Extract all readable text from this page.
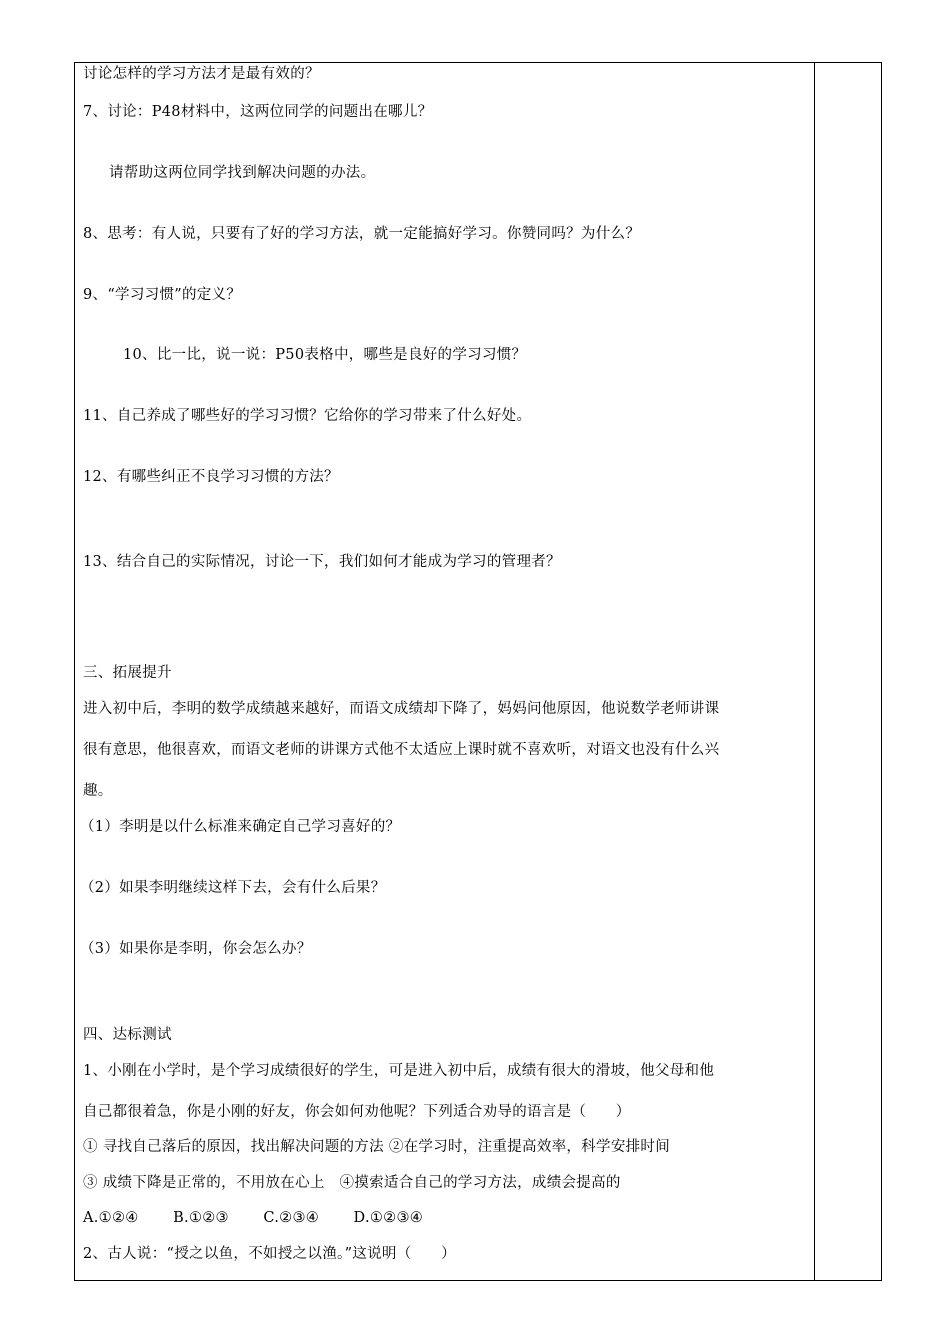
讨论怎样的学习方法才是最有效的？
7、讨论：P48材料中，这两位同学的问题出在哪儿？
请帮助这两位同学找到解决问题的办法。
8、思考：有人说，只要有了好的学习方法，就一定能搞好学习。你赞同吗？为什么？
9、“学习习惯”的定义？
10、比一比，说一说：P50表格中，哪些是良好的学习习惯？
11、自己养成了哪些好的学习习惯？它给你的学习带来了什么好处。
12、有哪些纠正不良学习习惯的方法？
13、结合自己的实际情况，讨论一下，我们如何才能成为学习的管理者？
三、拓展提升
进入初中后，李明的数学成绩越来越好，而语文成绩却下降了，妈妈问他原因，他说数学老师讲课
很有意思，他很喜欢，而语文老师的讲课方式他不太适应上课时就不喜欢听，对语文也没有什么兴
趣。
（1）李明是以什么标准来确定自己学习喜好的？
（2）如果李明继续这样下去，会有什么后果？
（3）如果你是李明，你会怎么办？
四、达标测试
1、小刚在小学时，是个学习成绩很好的学生，可是进入初中后，成绩有很大的滑坡，他父母和他
自己都很着急，你是小刚的好友，你会如何劝他呢？下列适合劝导的语言是（　　）
① 寻找自己落后的原因，找出解决问题的方法 ②在学习时，注重提高效率，科学安排时间
③ 成绩下降是正常的，不用放在心上　④摸索适合自己的学习方法，成绩会提高的
A.①②④　　 B.①②③　　 C.②③④　　 D.①②③④
2、古人说：“授之以鱼，不如授之以渔。”这说明（　　）
